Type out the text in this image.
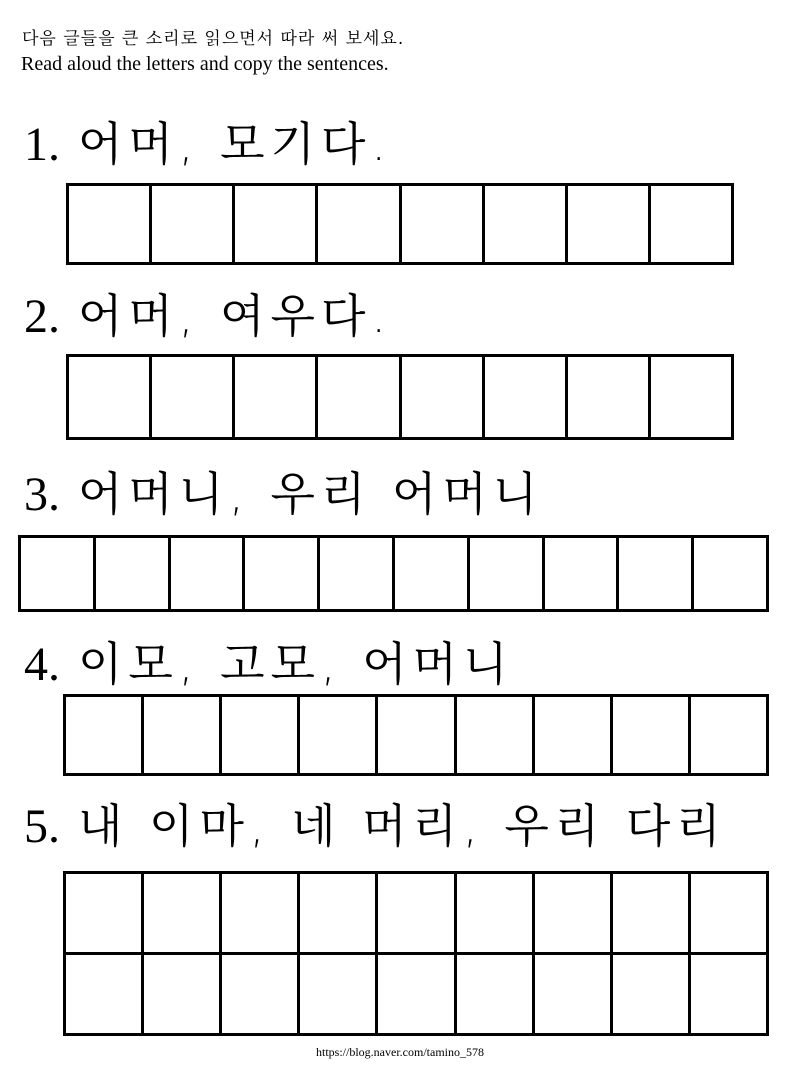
다음 글들을 큰 소리로 읽으면서 따라 써 보세요.
Read aloud the letters and copy the sentences.
1. 어머, 모기다.
2. 어머, 여우다.
3. 어머니, 우리 어머니
4. 이모, 고모, 어머니
5. 내 이마, 네 머리, 우리 다리
https://blog.naver.com/tamino_578
